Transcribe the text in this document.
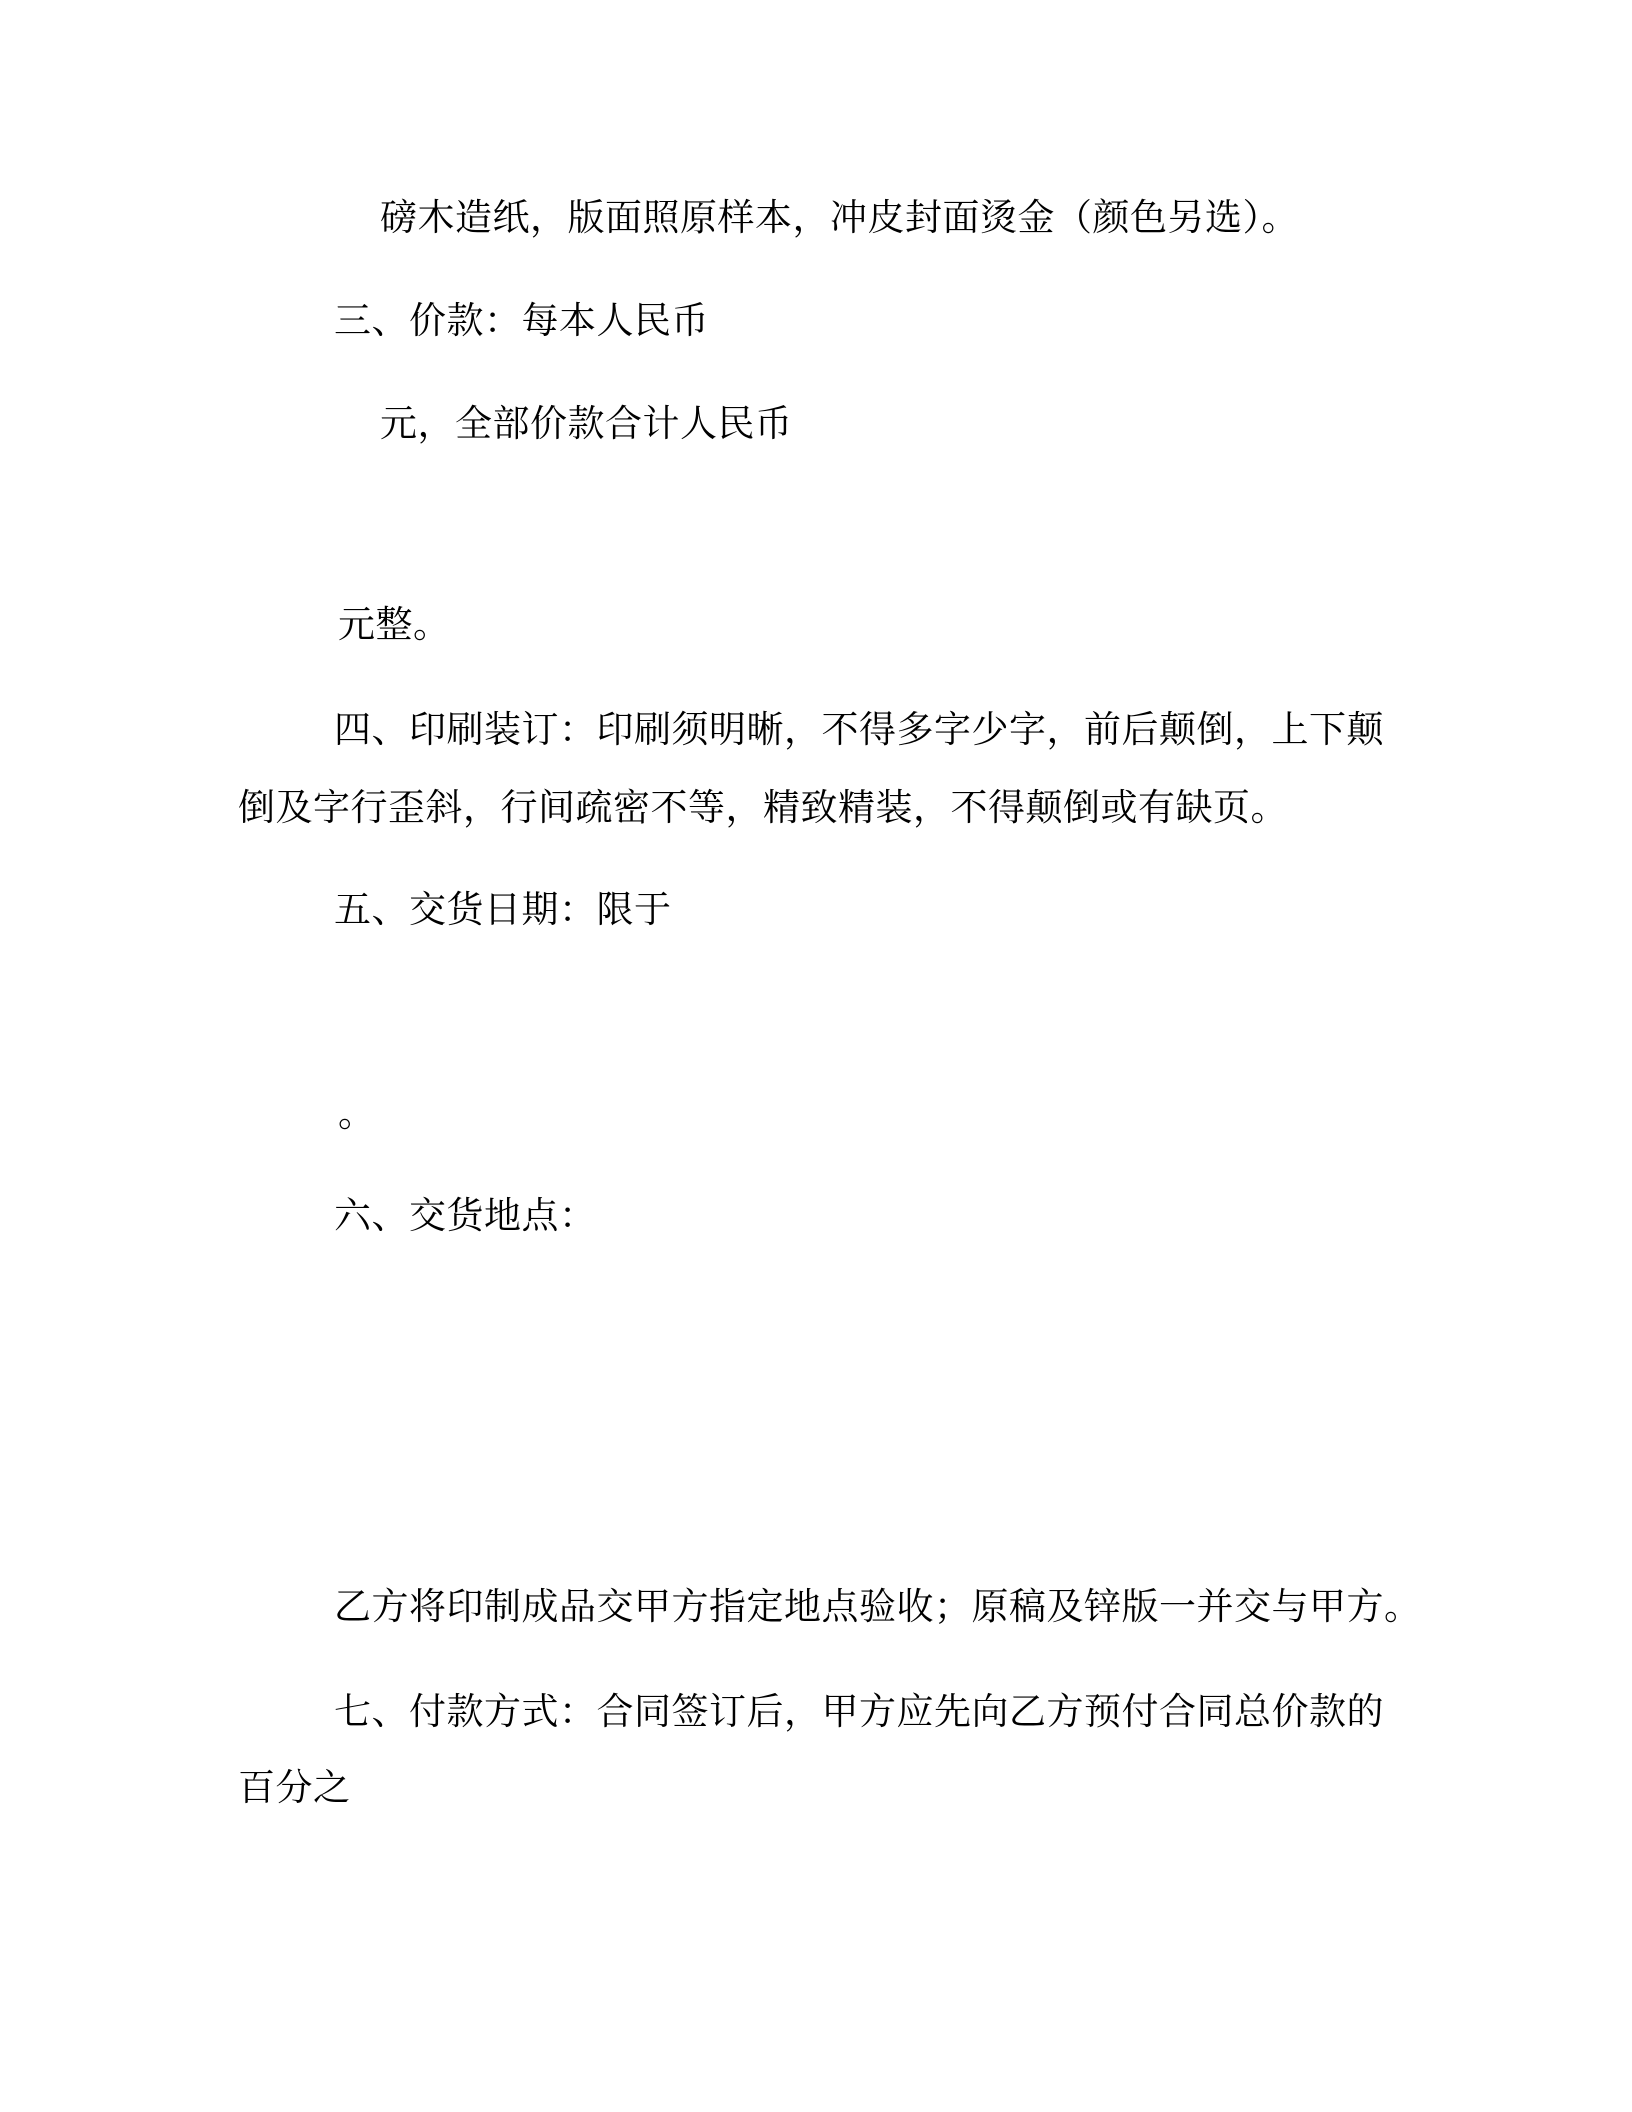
磅木造纸，版面照原样本，冲皮封面烫金（颜色另选）。
三、价款：每本人民币
元，全部价款合计人民币
元整。
四、印刷装订：印刷须明晰，不得多字少字，前后颠倒，上下颠
倒及字行歪斜，行间疏密不等，精致精装，不得颠倒或有缺页。
五、交货日期：限于
。
六、交货地点：
乙方将印制成品交甲方指定地点验收；原稿及锌版一并交与甲方。
七、付款方式：合同签订后，甲方应先向乙方预付合同总价款的
百分之
